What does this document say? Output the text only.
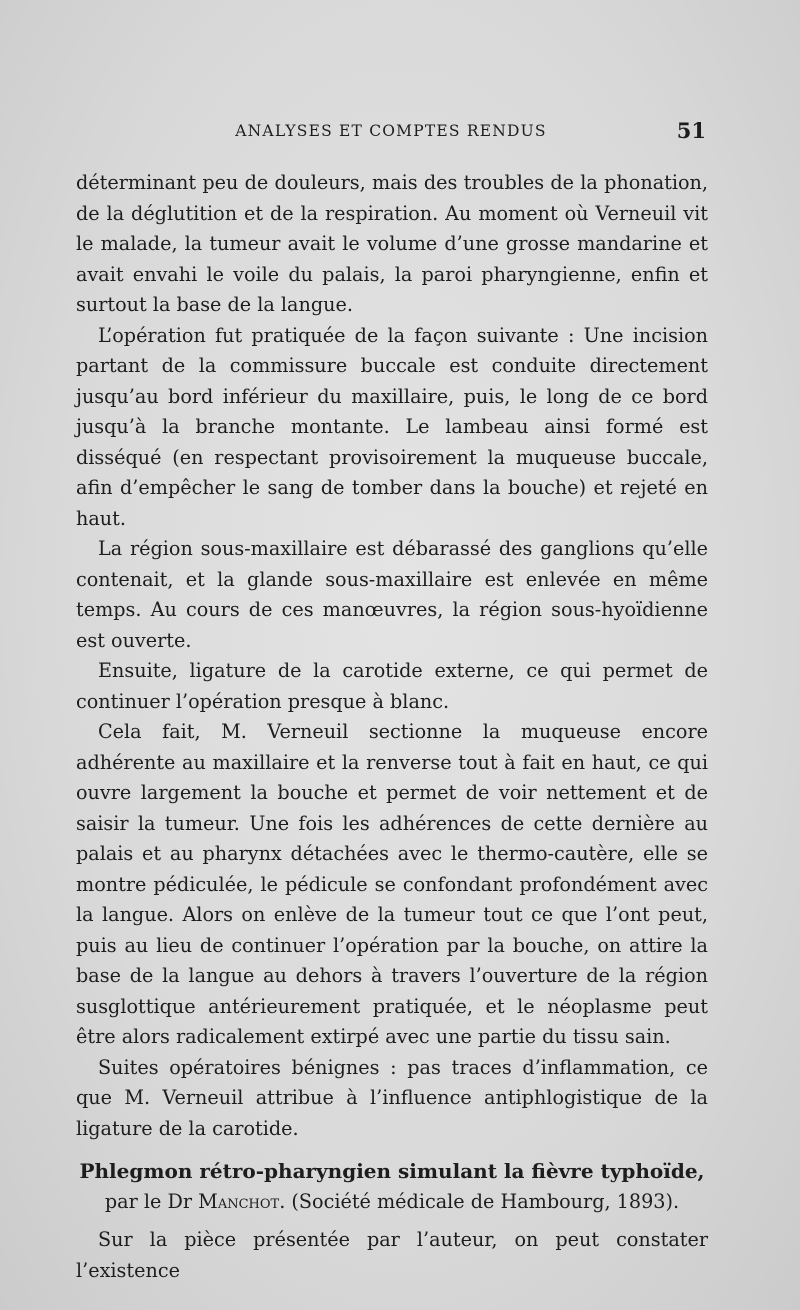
ANALYSES ET COMPTES RENDUS	51

déterminant peu de douleurs, mais des troubles de la phonation, de la déglutition et de la respiration. Au moment où Verneuil vit le malade, la tumeur avait le volume d’une grosse mandarine et avait envahi le voile du palais, la paroi pharyngienne, enfin et surtout la base de la langue.

L’opération fut pratiquée de la façon suivante : Une incision partant de la commissure buccale est conduite directement jusqu’au bord inférieur du maxillaire, puis, le long de ce bord jusqu’à la branche montante. Le lambeau ainsi formé est disséqué (en respectant provisoirement la muqueuse buccale, afin d’empêcher le sang de tomber dans la bouche) et rejeté en haut.

La région sous-maxillaire est débarassé des ganglions qu’elle contenait, et la glande sous-maxillaire est enlevée en même temps. Au cours de ces manœuvres, la région sous-hyoïdienne est ouverte.

Ensuite, ligature de la carotide externe, ce qui permet de continuer l’opération presque à blanc.

Cela fait, M. Verneuil sectionne la muqueuse encore adhérente au maxillaire et la renverse tout à fait en haut, ce qui ouvre largement la bouche et permet de voir nettement et de saisir la tumeur. Une fois les adhérences de cette dernière au palais et au pharynx détachées avec le thermo-cautère, elle se montre pédiculée, le pédicule se confondant profondément avec la langue. Alors on enlève de la tumeur tout ce que l’ont peut, puis au lieu de continuer l’opération par la bouche, on attire la base de la langue au dehors à travers l’ouverture de la région susglottique antérieurement pratiquée, et le néoplasme peut être alors radicalement extirpé avec une partie du tissu sain.

Suites opératoires bénignes : pas traces d’inflammation, ce que M. Verneuil attribue à l’influence antiphlogistique de la ligature de la carotide.

Phlegmon rétro-pharyngien simulant la fièvre typhoïde,

par le Dr Manchot. (Société médicale de Hambourg, 1893).

Sur la pièce présentée par l’auteur, on peut constater l’existence
